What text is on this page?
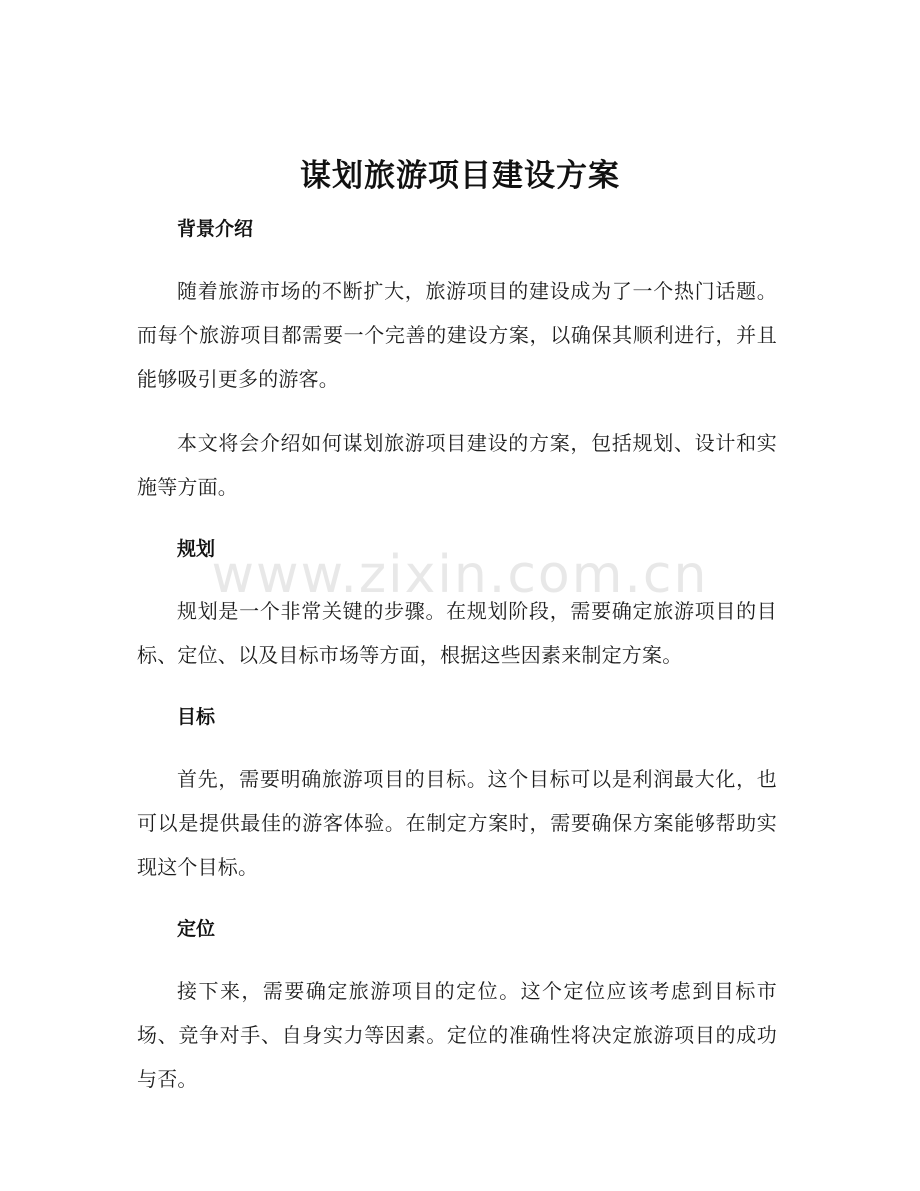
谋划旅游项目建设方案
背景介绍

随着旅游市场的不断扩大，旅游项目的建设成为了一个热门话题。而每个旅游项目都需要一个完善的建设方案，以确保其顺利进行，并且能够吸引更多的游客。

本文将会介绍如何谋划旅游项目建设的方案，包括规划、设计和实施等方面。

规划

规划是一个非常关键的步骤。在规划阶段，需要确定旅游项目的目标、定位、以及目标市场等方面，根据这些因素来制定方案。

目标

首先，需要明确旅游项目的目标。这个目标可以是利润最大化，也可以是提供最佳的游客体验。在制定方案时，需要确保方案能够帮助实现这个目标。

定位

接下来，需要确定旅游项目的定位。这个定位应该考虑到目标市场、竞争对手、自身实力等因素。定位的准确性将决定旅游项目的成功与否。

www.zixin.com.cn
